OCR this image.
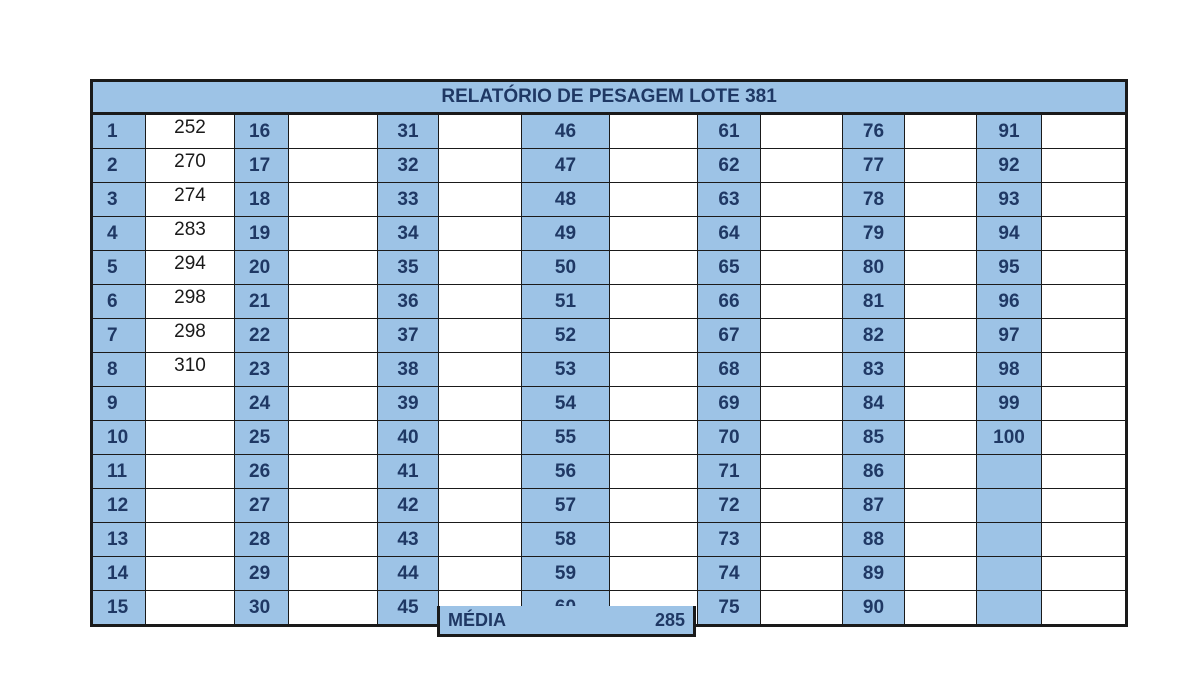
RELATÓRIO DE PESAGEM LOTE 381													
1	252	16		31		46		61		76		91	
2	270	17		32		47		62		77		92	
3	274	18		33		48		63		78		93	
4	283	19		34		49		64		79		94	
5	294	20		35		50		65		80		95	
6	298	21		36		51		66		81		96	
7	298	22		37		52		67		82		97	
8	310	23		38		53		68		83		98	
9		24		39		54		69		84		99	
10		25		40		55		70		85		100	
11		26		41		56		71		86			
12		27		42		57		72		87			
13		28		43		58		73		88			
14		29		44		59		74		89			
15		30		45				75		90			
MÉDIA	285
